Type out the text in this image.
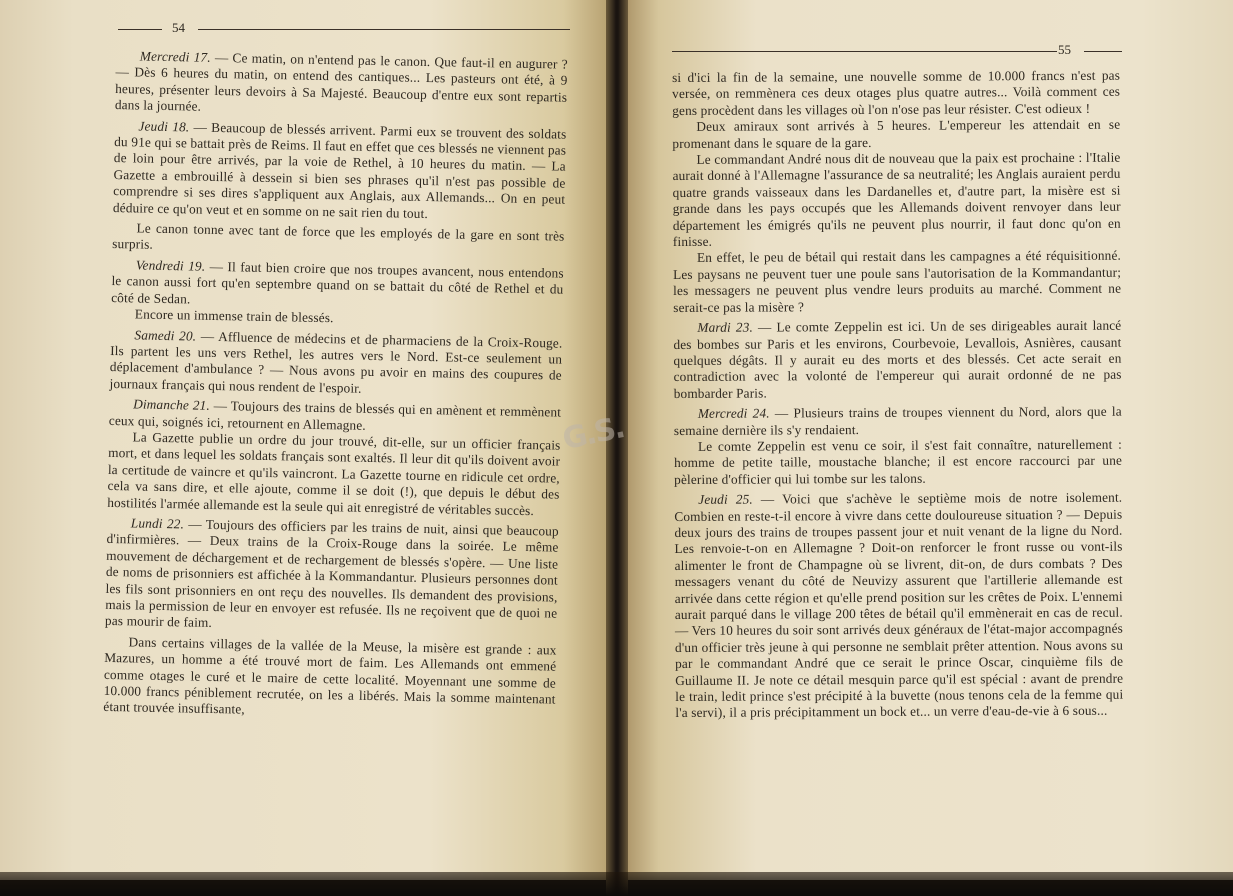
54

Mercredi 17. — Ce matin, on n'entend pas le canon. Que faut-il en augurer ? — Dès 6 heures du matin, on entend des cantiques... Les pasteurs ont été, à 9 heures, présenter leurs devoirs à Sa Majesté. Beaucoup d'entre eux sont repartis dans la journée.

Jeudi 18. — Beaucoup de blessés arrivent. Parmi eux se trouvent des soldats du 91e qui se battait près de Reims. Il faut en effet que ces blessés ne viennent pas de loin pour être arrivés, par la voie de Rethel, à 10 heures du matin. — La Gazette a embrouillé à dessein si bien ses phrases qu'il n'est pas possible de comprendre si ses dires s'appliquent aux Anglais, aux Allemands... On en peut déduire ce qu'on veut et en somme on ne sait rien du tout.

Le canon tonne avec tant de force que les employés de la gare en sont très surpris.

Vendredi 19. — Il faut bien croire que nos troupes avancent, nous entendons le canon aussi fort qu'en septembre quand on se battait du côté de Rethel et du côté de Sedan.

Encore un immense train de blessés.

Samedi 20. — Affluence de médecins et de pharmaciens de la Croix-Rouge. Ils partent les uns vers Rethel, les autres vers le Nord. Est-ce seulement un déplacement d'ambulance ? — Nous avons pu avoir en mains des coupures de journaux français qui nous rendent de l'espoir.

Dimanche 21. — Toujours des trains de blessés qui en amènent et remmènent ceux qui, soignés ici, retournent en Allemagne.

La Gazette publie un ordre du jour trouvé, dit-elle, sur un officier français mort, et dans lequel les soldats français sont exaltés. Il leur dit qu'ils doivent avoir la certitude de vaincre et qu'ils vaincront. La Gazette tourne en ridicule cet ordre, cela va sans dire, et elle ajoute, comme il se doit (!), que depuis le début des hostilités l'armée allemande est la seule qui ait enregistré de véritables succès.

Lundi 22. — Toujours des officiers par les trains de nuit, ainsi que beaucoup d'infirmières. — Deux trains de la Croix-Rouge dans la soirée. Le même mouvement de déchargement et de rechargement de blessés s'opère. — Une liste de noms de prisonniers est affichée à la Kommandantur. Plusieurs personnes dont les fils sont prisonniers en ont reçu des nouvelles. Ils demandent des provisions, mais la permission de leur en envoyer est refusée. Ils ne reçoivent que de quoi ne pas mourir de faim.

Dans certains villages de la vallée de la Meuse, la misère est grande : aux Mazures, un homme a été trouvé mort de faim. Les Allemands ont emmené comme otages le curé et le maire de cette localité. Moyennant une somme de 10.000 francs péniblement recrutée, on les a libérés. Mais la somme maintenant étant trouvée insuffisante,

55

si d'ici la fin de la semaine, une nouvelle somme de 10.000 francs n'est pas versée, on remmènera ces deux otages plus quatre autres... Voilà comment ces gens procèdent dans les villages où l'on n'ose pas leur résister. C'est odieux !

Deux amiraux sont arrivés à 5 heures. L'empereur les attendait en se promenant dans le square de la gare.

Le commandant André nous dit de nouveau que la paix est prochaine : l'Italie aurait donné à l'Allemagne l'assurance de sa neutralité; les Anglais auraient perdu quatre grands vaisseaux dans les Dardanelles et, d'autre part, la misère est si grande dans les pays occupés que les Allemands doivent renvoyer dans leur département les émigrés qu'ils ne peuvent plus nourrir, il faut donc qu'on en finisse.

En effet, le peu de bétail qui restait dans les campagnes a été réquisitionné. Les paysans ne peuvent tuer une poule sans l'autorisation de la Kommandantur; les messagers ne peuvent plus vendre leurs produits au marché. Comment ne serait-ce pas la misère ?

Mardi 23. — Le comte Zeppelin est ici. Un de ses dirigeables aurait lancé des bombes sur Paris et les environs, Courbevoie, Levallois, Asnières, causant quelques dégâts. Il y aurait eu des morts et des blessés. Cet acte serait en contradiction avec la volonté de l'empereur qui aurait ordonné de ne pas bombarder Paris.

Mercredi 24. — Plusieurs trains de troupes viennent du Nord, alors que la semaine dernière ils s'y rendaient.

Le comte Zeppelin est venu ce soir, il s'est fait connaître, naturellement : homme de petite taille, moustache blanche; il est encore raccourci par une pèlerine d'officier qui lui tombe sur les talons.

Jeudi 25. — Voici que s'achève le septième mois de notre isolement. Combien en reste-t-il encore à vivre dans cette douloureuse situation ? — Depuis deux jours des trains de troupes passent jour et nuit venant de la ligne du Nord. Les renvoie-t-on en Allemagne ? Doit-on renforcer le front russe ou vont-ils alimenter le front de Champagne où se livrent, dit-on, de durs combats ? Des messagers venant du côté de Neuvizy assurent que l'artillerie allemande est arrivée dans cette région et qu'elle prend position sur les crêtes de Poix. L'ennemi aurait parqué dans le village 200 têtes de bétail qu'il emmènerait en cas de recul. — Vers 10 heures du soir sont arrivés deux généraux de l'état-major accompagnés d'un officier très jeune à qui personne ne semblait prêter attention. Nous avons su par le commandant André que ce serait le prince Oscar, cinquième fils de Guillaume II. Je note ce détail mesquin parce qu'il est spécial : avant de prendre le train, ledit prince s'est précipité à la buvette (nous tenons cela de la femme qui l'a servi), il a pris précipitamment un bock et... un verre d'eau-de-vie à 6 sous...

G.S.
